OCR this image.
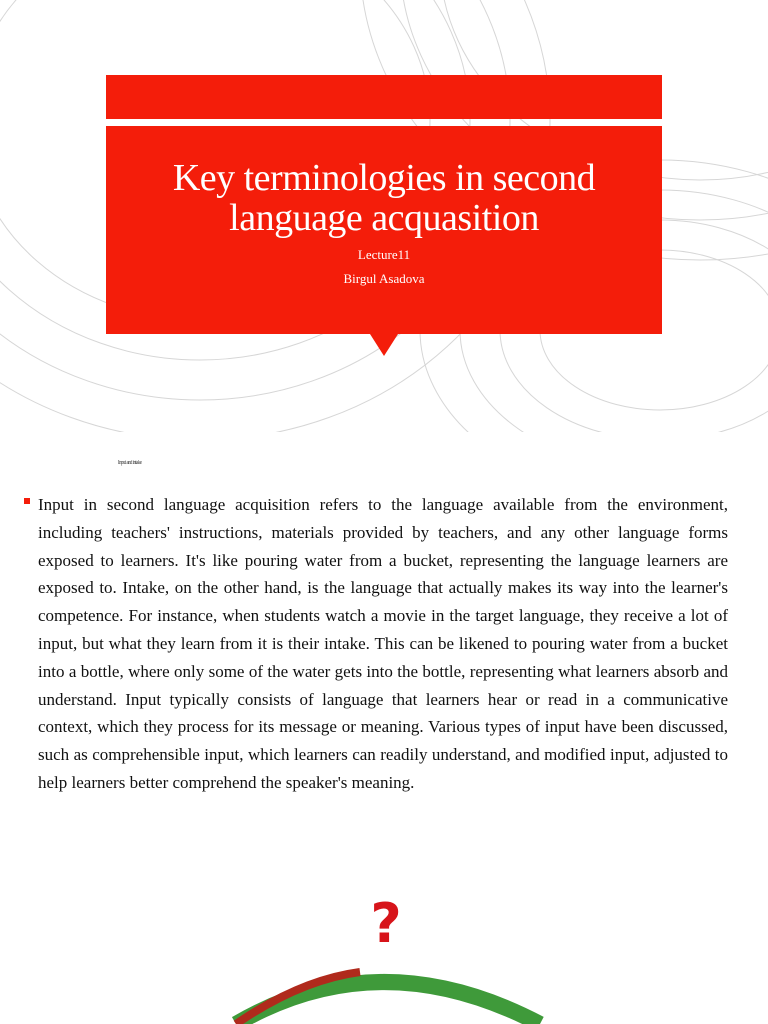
Key terminologies in second language acquasition
Lecture11
Birgul Asadova
Input and intake

Input in second language acquisition refers to the language available from the environment, including teachers' instructions, materials provided by teachers, and any other language forms exposed to learners. It's like pouring water from a bucket, representing the language learners are exposed to. Intake, on the other hand, is the language that actually makes its way into the learner's competence. For instance, when students watch a movie in the target language, they receive a lot of input, but what they learn from it is their intake. This can be likened to pouring water from a bucket into a bottle, where only some of the water gets into the bottle, representing what learners absorb and understand. Input typically consists of language that learners hear or read in a communicative context, which they process for its message or meaning. Various types of input have been discussed, such as comprehensible input, which learners can readily understand, and modified input, adjusted to help learners better comprehend the speaker's meaning.

?
